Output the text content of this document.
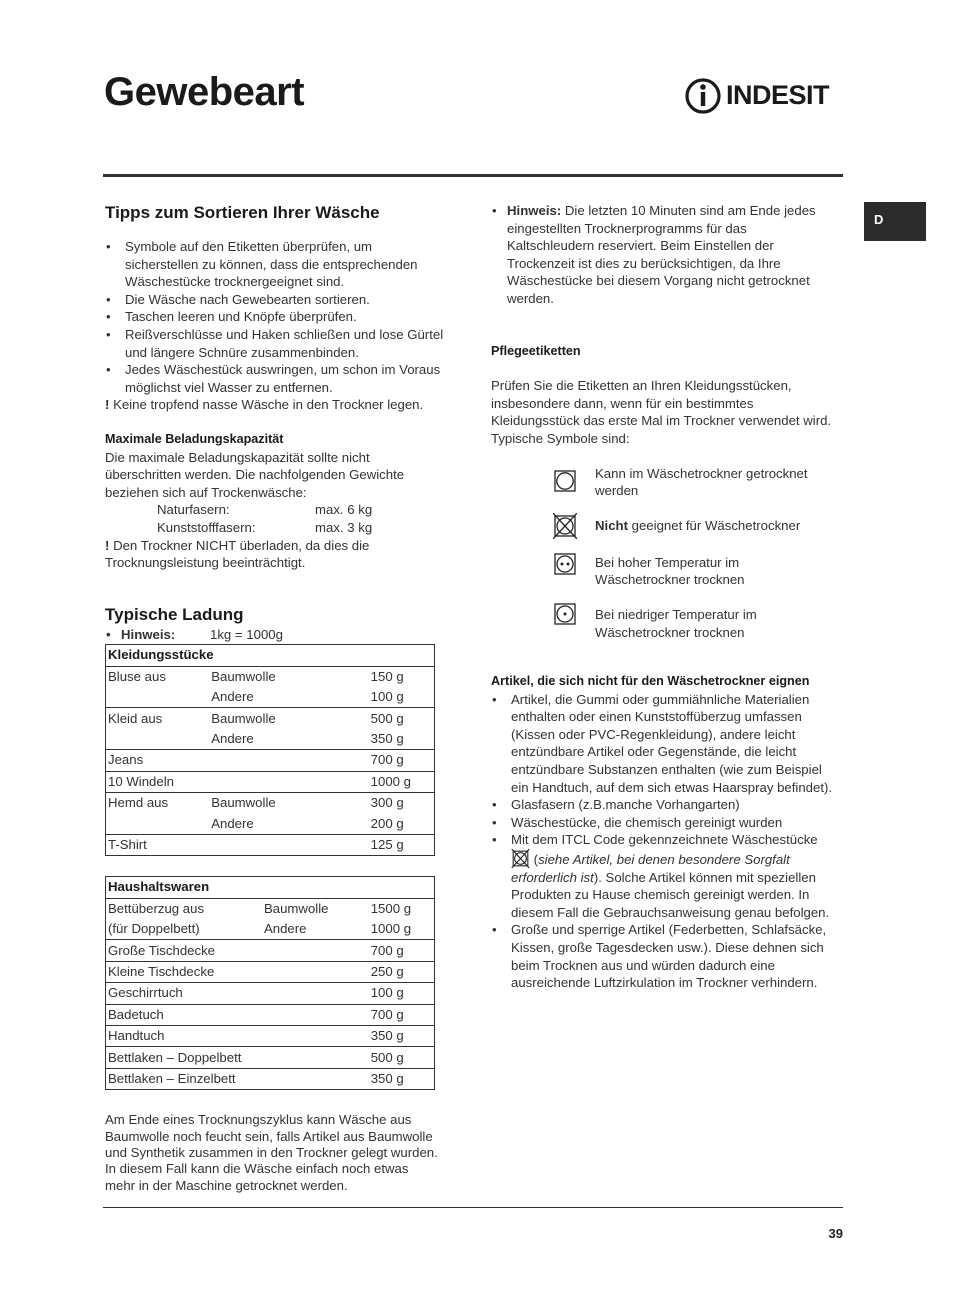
Gewebeart	INDESIT
D
Tipps zum Sortieren Ihrer Wäsche
• Symbole auf den Etiketten überprüfen, um sicherstellen zu können, dass die entsprechenden Wäschestücke trocknergeeignet sind.
• Die Wäsche nach Gewebearten sortieren.
• Taschen leeren und Knöpfe überprüfen.
• Reißverschlüsse und Haken schließen und lose Gürtel und längere Schnüre zusammenbinden.
• Jedes Wäschestück auswringen, um schon im Voraus möglichst viel Wasser zu entfernen.

! Keine tropfend nasse Wäsche in den Trockner legen.

Maximale Beladungskapazität

Die maximale Beladungskapazität sollte nicht überschritten werden. Die nachfolgenden Gewichte beziehen sich auf Trockenwäsche:

Naturfasern:	max. 6 kg
Kunststofffasern:	max. 3 kg

! Den Trockner NICHT überladen, da dies die Trocknungsleistung beeinträchtigt.

Typische Ladung
• Hinweis:	1kg = 1000g
Kleidungsstücke		
Bluse aus	Baumwolle	150 g
	Andere	100 g
Kleid aus	Baumwolle	500 g
	Andere	350 g
Jeans		700 g
10 Windeln		1000 g
Hemd aus	Baumwolle	300 g
	Andere	200 g
T-Shirt		125 g
Haushaltswaren		
Bettüberzug aus	Baumwolle	1500 g
(für Doppelbett)	Andere	1000 g
Große Tischdecke		700 g
Kleine Tischdecke		250 g
Geschirrtuch		100 g
Badetuch		700 g
Handtuch		350 g
Bettlaken – Doppelbett		500 g
Bettlaken – Einzelbett		350 g

Am Ende eines Trocknungszyklus kann Wäsche aus Baumwolle noch feucht sein, falls Artikel aus Baumwolle und Synthetik zusammen in den Trockner gelegt wurden. In diesem Fall kann die Wäsche einfach noch etwas mehr in der Maschine getrocknet werden.

• Hinweis: Die letzten 10 Minuten sind am Ende jedes eingestellten Trocknerprogramms für das Kaltschleudern reserviert. Beim Einstellen der Trockenzeit ist dies zu berücksichtigen, da Ihre Wäschestücke bei diesem Vorgang nicht getrocknet werden.
Pflegeetiketten

Prüfen Sie die Etiketten an Ihren Kleidungsstücken, insbesondere dann, wenn für ein bestimmtes Kleidungsstück das erste Mal im Trockner verwendet wird. Typische Symbole sind:

Kann im Wäschetrockner getrocknet werden
Nicht geeignet für Wäschetrockner
Bei hoher Temperatur im Wäschetrockner trocknen
Bei niedriger Temperatur im Wäschetrockner trocknen
Artikel, die sich nicht für den Wäschetrockner eignen
• Artikel, die Gummi oder gummiähnliche Materialien enthalten oder einen Kunststoffüberzug umfassen (Kissen oder PVC-Regenkleidung), andere leicht entzündbare Artikel oder Gegenstände, die leicht entzündbare Substanzen enthalten (wie zum Beispiel ein Handtuch, auf dem sich etwas Haarspray befindet).
• Glasfasern (z.B.manche Vorhangarten)
• Wäschestücke, die chemisch gereinigt wurden
• Mit dem ITCL Code gekennzeichnete Wäschestücke  (siehe Artikel, bei denen besondere Sorgfalt erforderlich ist). Solche Artikel können mit speziellen Produkten zu Hause chemisch gereinigt werden. In diesem Fall die Gebrauchsanweisung genau befolgen.
• Große und sperrige Artikel (Federbetten, Schlafsäcke, Kissen, große Tagesdecken usw.). Diese dehnen sich beim Trocknen aus und würden dadurch eine ausreichende Luftzirkulation im Trockner verhindern.
39
